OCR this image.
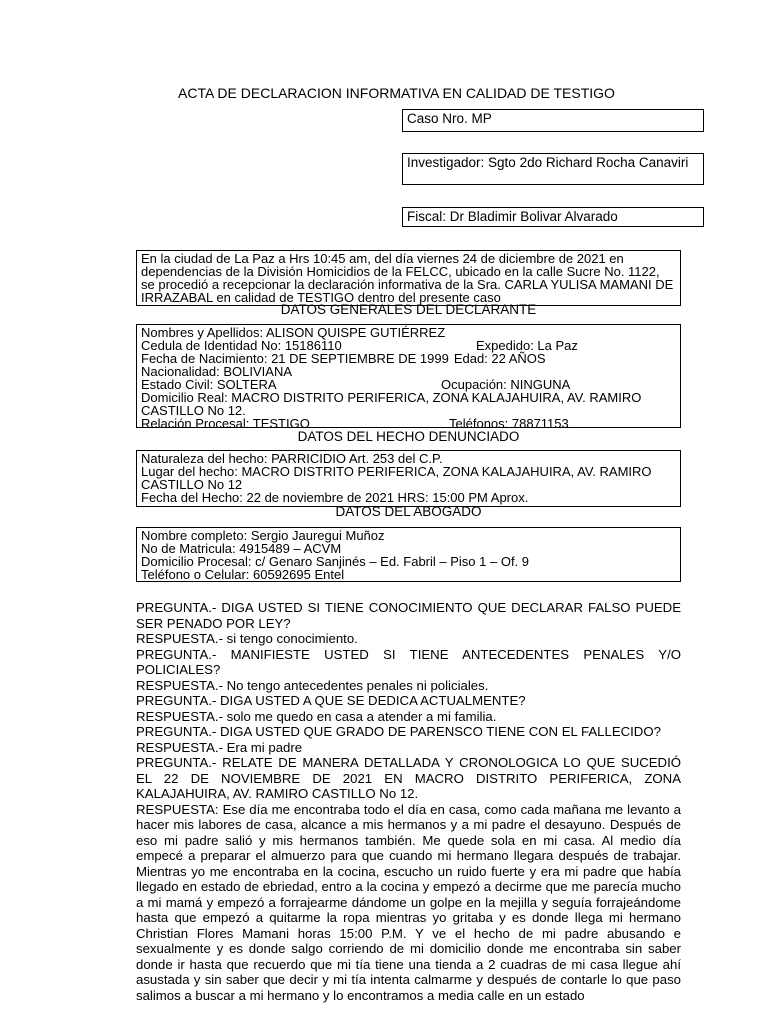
ACTA DE DECLARACION INFORMATIVA EN CALIDAD DE TESTIGO
Caso Nro. MP
Investigador: Sgto 2do Richard Rocha Canaviri
Fiscal: Dr Bladimir Bolivar Alvarado
En la ciudad de La Paz a Hrs 10:45 am, del día viernes 24 de diciembre de 2021 en dependencias de la División Homicidios de la FELCC, ubicado en la calle Sucre No. 1122, se procedió a recepcionar la declaración informativa de la Sra. CARLA YULISA MAMANI DE IRRAZABAL en calidad de TESTIGO dentro del presente caso
DATOS GENERALES DEL DECLARANTE
Nombres y Apellidos: ALISON QUISPE GUTIÉRREZ
Cedula de Identidad No: 15186110	Expedido: La Paz
Fecha de Nacimiento: 21 DE SEPTIEMBRE DE 1999 Edad: 22 AÑOS
Nacionalidad: BOLIVIANA
Estado Civil: SOLTERA	Ocupación: NINGUNA
Domicilio Real: MACRO DISTRITO PERIFERICA, ZONA KALAJAHUIRA, AV. RAMIRO CASTILLO No 12.
Relación Procesal: TESTIGO	Teléfonos: 78871153
DATOS DEL HECHO DENUNCIADO
Naturaleza del hecho: PARRICIDIO Art. 253 del C.P.
Lugar del hecho: MACRO DISTRITO PERIFERICA, ZONA KALAJAHUIRA, AV. RAMIRO CASTILLO No 12
Fecha del Hecho: 22 de noviembre de 2021 HRS: 15:00 PM Aprox.
DATOS DEL ABOGADO
Nombre completo: Sergio Jauregui Muñoz
No de Matricula: 4915489 – ACVM
Domicilio Procesal: c/ Genaro Sanjinés – Ed. Fabril – Piso 1 – Of. 9
Teléfono o Celular: 60592695 Entel

PREGUNTA.- DIGA USTED SI TIENE CONOCIMIENTO QUE DECLARAR FALSO PUEDE SER PENADO POR LEY?

RESPUESTA.- si tengo conocimiento.

PREGUNTA.- MANIFIESTE USTED SI TIENE ANTECEDENTES PENALES Y/O POLICIALES?

RESPUESTA.- No tengo antecedentes penales ni policiales.

PREGUNTA.- DIGA USTED A QUE SE DEDICA ACTUALMENTE?

RESPUESTA.- solo me quedo en casa a atender a mi familia.

PREGUNTA.- DIGA USTED QUE GRADO DE PARENSCO TIENE CON EL FALLECIDO?

RESPUESTA.- Era mi padre

PREGUNTA.- RELATE DE MANERA DETALLADA Y CRONOLOGICA LO QUE SUCEDIÓ EL 22 DE NOVIEMBRE DE 2021 EN MACRO DISTRITO PERIFERICA, ZONA KALAJAHUIRA, AV. RAMIRO CASTILLO No 12.

RESPUESTA: Ese día me encontraba todo el día en casa, como cada mañana me levanto a hacer mis labores de casa, alcance a mis hermanos y a mi padre el desayuno. Después de eso mi padre salió y mis hermanos también. Me quede sola en mi casa. Al medio día empecé a preparar el almuerzo para que cuando mi hermano llegara después de trabajar. Mientras yo me encontraba en la cocina, escucho un ruido fuerte y era mi padre que había llegado en estado de ebriedad, entro a la cocina y empezó a decirme que me parecía mucho a mi mamá y empezó a forrajearme dándome un golpe en la mejilla y seguía forrajeándome hasta que empezó a quitarme la ropa mientras yo gritaba y es donde llega mi hermano Christian Flores Mamani horas 15:00 P.M. Y ve el hecho de mi padre abusando e sexualmente y es donde salgo corriendo de mi domicilio donde me encontraba sin saber donde ir hasta que recuerdo que mi tía tiene una tienda a 2 cuadras de mi casa llegue ahí asustada y sin saber que decir y mi tía intenta calmarme y después de contarle lo que paso salimos a buscar a mi hermano y lo encontramos a media calle en un estado
